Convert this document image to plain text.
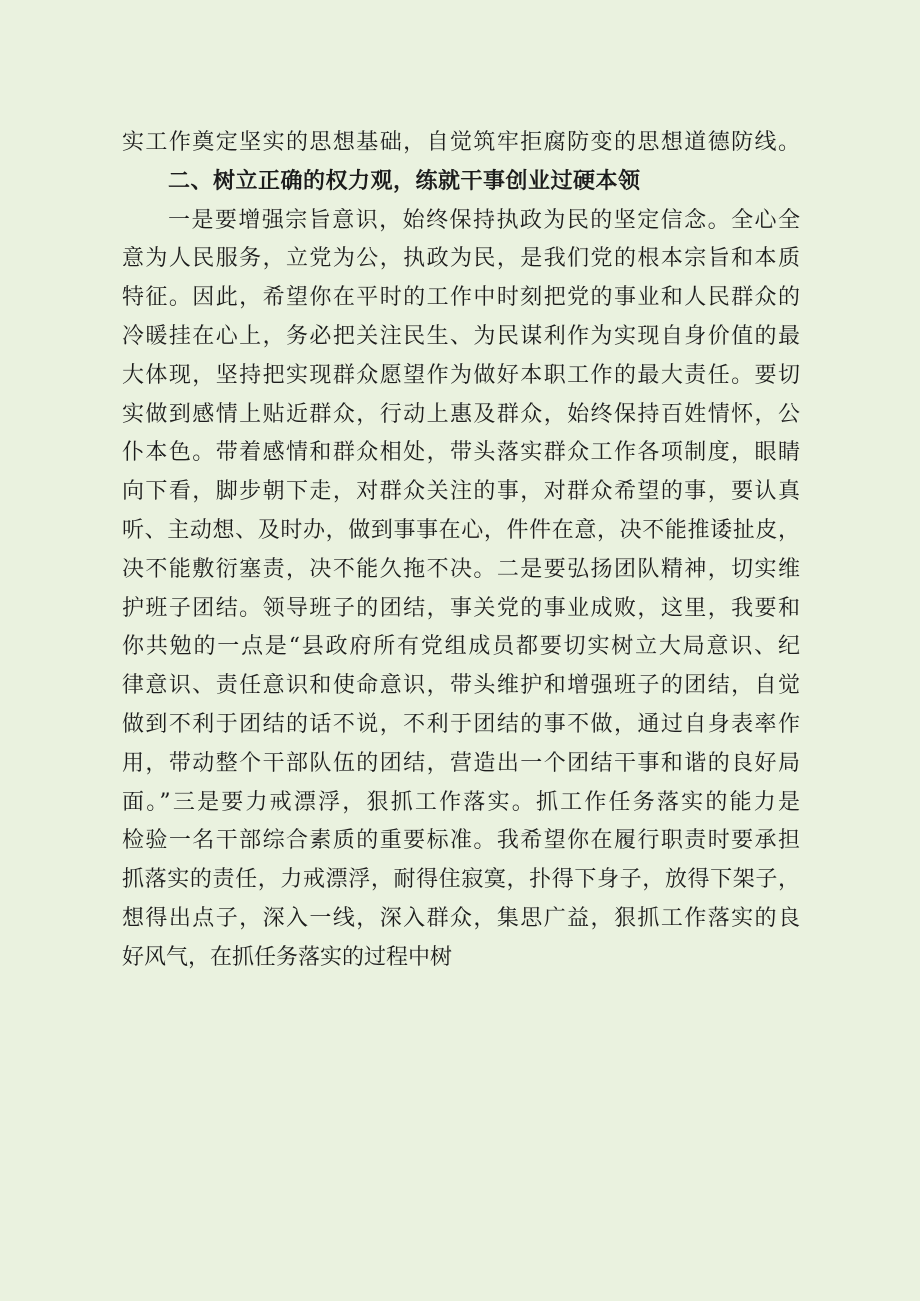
实工作奠定坚实的思想基础，自觉筑牢拒腐防变的思想道德防线。
二、树立正确的权力观，练就干事创业过硬本领
一是要增强宗旨意识，始终保持执政为民的坚定信念。全心全
意为人民服务，立党为公，执政为民，是我们党的根本宗旨和本质
特征。因此，希望你在平时的工作中时刻把党的事业和人民群众的
冷暖挂在心上，务必把关注民生、为民谋利作为实现自身价值的最
大体现，坚持把实现群众愿望作为做好本职工作的最大责任。要切
实做到感情上贴近群众，行动上惠及群众，始终保持百姓情怀，公
仆本色。带着感情和群众相处，带头落实群众工作各项制度，眼睛
向下看，脚步朝下走，对群众关注的事，对群众希望的事，要认真
听、主动想、及时办，做到事事在心，件件在意，决不能推诿扯皮，
决不能敷衍塞责，决不能久拖不决。二是要弘扬团队精神，切实维
护班子团结。领导班子的团结，事关党的事业成败，这里，我要和
你共勉的一点是“县政府所有党组成员都要切实树立大局意识、纪
律意识、责任意识和使命意识，带头维护和增强班子的团结，自觉
做到不利于团结的话不说，不利于团结的事不做，通过自身表率作
用，带动整个干部队伍的团结，营造出一个团结干事和谐的良好局
面。”三是要力戒漂浮，狠抓工作落实。抓工作任务落实的能力是
检验一名干部综合素质的重要标准。我希望你在履行职责时要承担
抓落实的责任，力戒漂浮，耐得住寂寞，扑得下身子，放得下架子，
想得出点子，深入一线，深入群众，集思广益，狠抓工作落实的良
好风气，在抓任务落实的过程中树
